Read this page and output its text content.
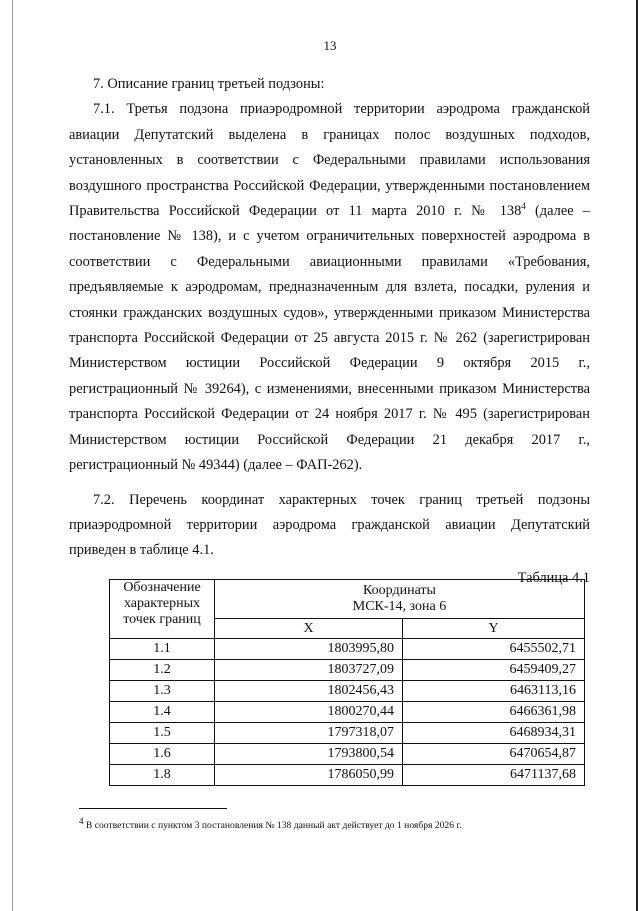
13

7. Описание границ третьей подзоны:

7.1. Третья подзона приаэродромной территории аэродрома гражданской авиации Депутатский выделена в границах полос воздушных подходов, установленных в соответствии с Федеральными правилами использования воздушного пространства Российской Федерации, утвержденными постановлением Правительства Российской Федерации от 11 марта 2010 г. № $138^4$ (далее – постановление № 138), и с учетом ограничительных поверхностей аэродрома в соответствии с Федеральными авиационными правилами «Требования, предъявляемые к аэродромам, предназначенным для взлета, посадки, руления и стоянки гражданских воздушных судов», утвержденными приказом Министерства транспорта Российской Федерации от 25 августа 2015 г. № 262 (зарегистрирован Министерством юстиции Российской Федерации 9 октября 2015 г., регистрационный № 39264), с изменениями, внесенными приказом Министерства транспорта Российской Федерации от 24 ноября 2017 г. № 495 (зарегистрирован Министерством юстиции Российской Федерации 21 декабря 2017 г., регистрационный № 49344) (далее – ФАП-262).

7.2. Перечень координат характерных точек границ третьей подзоны приаэродромной территории аэродрома гражданской авиации Депутатский приведен в таблице 4.1.

Таблица 4.1

Обозначение характерных точек границ	Координаты
МСК-14, зона 6	
	X	Y
1.1	1803995,80	6455502,71
1.2	1803727,09	6459409,27
1.3	1802456,43	6463113,16
1.4	1800270,44	6466361,98
1.5	1797318,07	6468934,31
1.6	1793800,54	6470654,87
1.8	1786050,99	6471137,68
$^4$ В соответствии с пунктом 3 постановления № 138 данный акт действует до 1 ноября 2026 г.
